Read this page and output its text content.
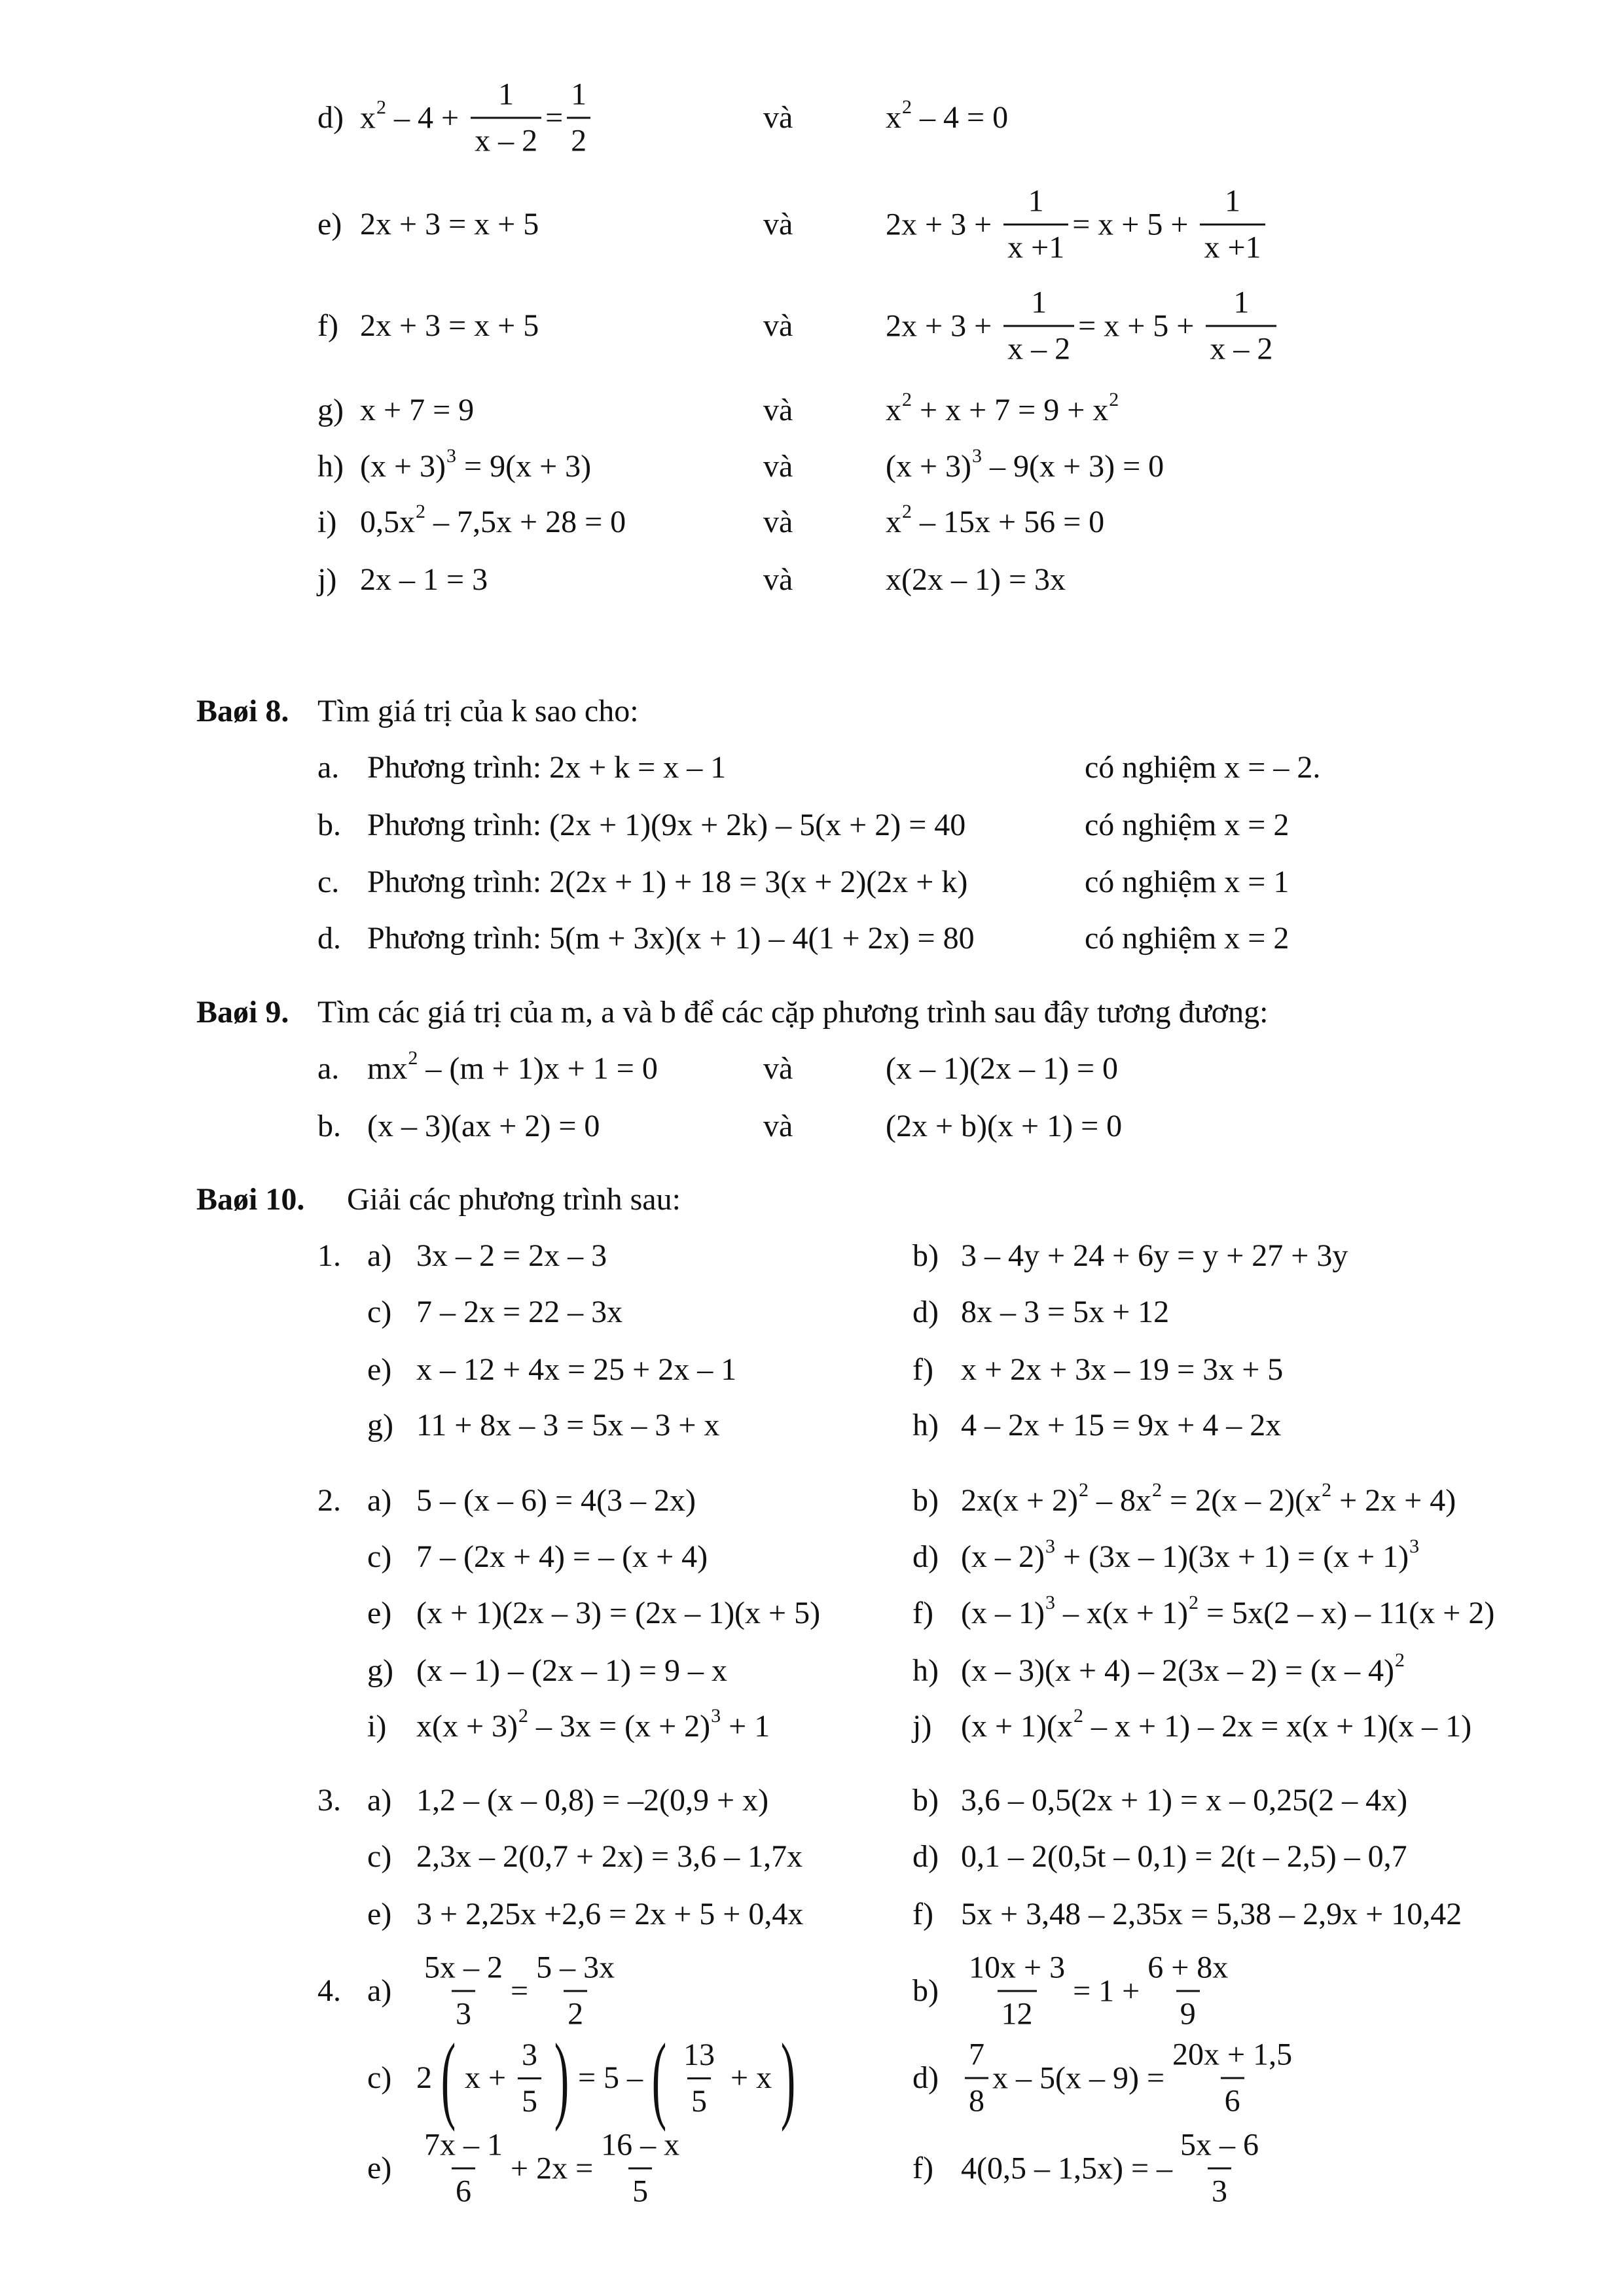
d) $x^2 - 4 + \frac{1}{x - 2} = \frac{1}{2}$	và	$x^2 - 4 = 0$
e) 2x + 3 = x + 5	và	$2x + 3 + \frac{1}{x +1} = x + 5 + \frac{1}{x +1}$
f) 2x + 3 = x + 5	và	$2x + 3 + \frac{1}{x - 2} = x + 5 + \frac{1}{x - 2}$
g) x + 7 = 9	và	$x^2 + x + 7 = 9 + x^2$
h) $(x + 3)^3 = 9(x + 3)$	và	$(x + 3)^3 - 9(x + 3) = 0$
i) $0,5x^2 - 7,5x + 28 = 0$	và	$x^2 - 15x + 56 = 0$
j) 2x – 1 = 3	và	x(2x – 1) = 3x
Baøi 8. Tìm giá trị của k sao cho:
a. Phương trình: 2x + k = x – 1	có nghiệm x = – 2.
b. Phương trình: (2x + 1)(9x + 2k) – 5(x + 2) = 40	có nghiệm x = 2
c. Phương trình: 2(2x + 1) + 18 = 3(x + 2)(2x + k)	có nghiệm x = 1
d. Phương trình: 5(m + 3x)(x + 1) – 4(1 + 2x) = 80	có nghiệm x = 2
Baøi 9. Tìm các giá trị của m, a và b để các cặp phương trình sau đây tương đương:
a. $mx^2 - (m + 1)x + 1 = 0$	và	(x – 1)(2x – 1) = 0
b. (x – 3)(ax + 2) = 0	và	(2x + b)(x + 1) = 0
Baøi 10. Giải các phương trình sau:
1. a) 3x – 2 = 2x – 3	b) 3 – 4y + 24 + 6y = y + 27 + 3y
c) 7 – 2x = 22 – 3x	d) 8x – 3 = 5x + 12
e) x – 12 + 4x = 25 + 2x – 1	f) x + 2x + 3x – 19 = 3x + 5
g) 11 + 8x – 3 = 5x – 3 + x	h) 4 – 2x + 15 = 9x + 4 – 2x
2. a) 5 – (x – 6) = 4(3 – 2x)	b) $2x(x + 2)^2 - 8x^2 = 2(x - 2)(x^2 + 2x + 4)$
c) 7 – (2x + 4) = – (x + 4)	d) $(x - 2)^3 + (3x - 1)(3x + 1) = (x + 1)^3$
e) (x + 1)(2x – 3) = (2x – 1)(x + 5)	f) $(x - 1)^3 - x(x + 1)^2 = 5x(2 - x) - 11(x + 2)$
g) (x – 1) – (2x – 1) = 9 – x	h) (x – 3)(x + 4) – 2(3x – 2) = (x – 4)$^2$
i) $x(x + 3)^2 - 3x = (x + 2)^3 + 1$	j) $(x + 1)(x^2 - x + 1) - 2x = x(x + 1)(x - 1)$
3. a) 1,2 – (x – 0,8) = –2(0,9 + x)	b) 3,6 – 0,5(2x + 1) = x – 0,25(2 – 4x)
c) 2,3x – 2(0,7 + 2x) = 3,6 – 1,7x	d) 0,1 – 2(0,5t – 0,1) = 2(t – 2,5) – 0,7
e) 3 + 2,25x +2,6 = 2x + 5 + 0,4x	f) 5x + 3,48 – 2,35x = 5,38 – 2,9x + 10,42
4. $a) \frac{5x - 2}{3} = \frac{5 - 3x}{2}$	$b) \frac{10x + 3}{12} = 1 + \frac{6 + 8x}{9}$
c) 2 ( $x + \frac{3}{5}$ ) = 5 – ( $\frac{13}{5} + x$ )	$d) \frac{7}{8}$ $x - 5(x - 9) = \frac{20x + 1,5}{6}$
$e) \frac{7x - 1}{6} + 2x = \frac{16 - x}{5}$	f) 4(0,5 – 1,5x) = – $\frac{5x - 6}{3}$
